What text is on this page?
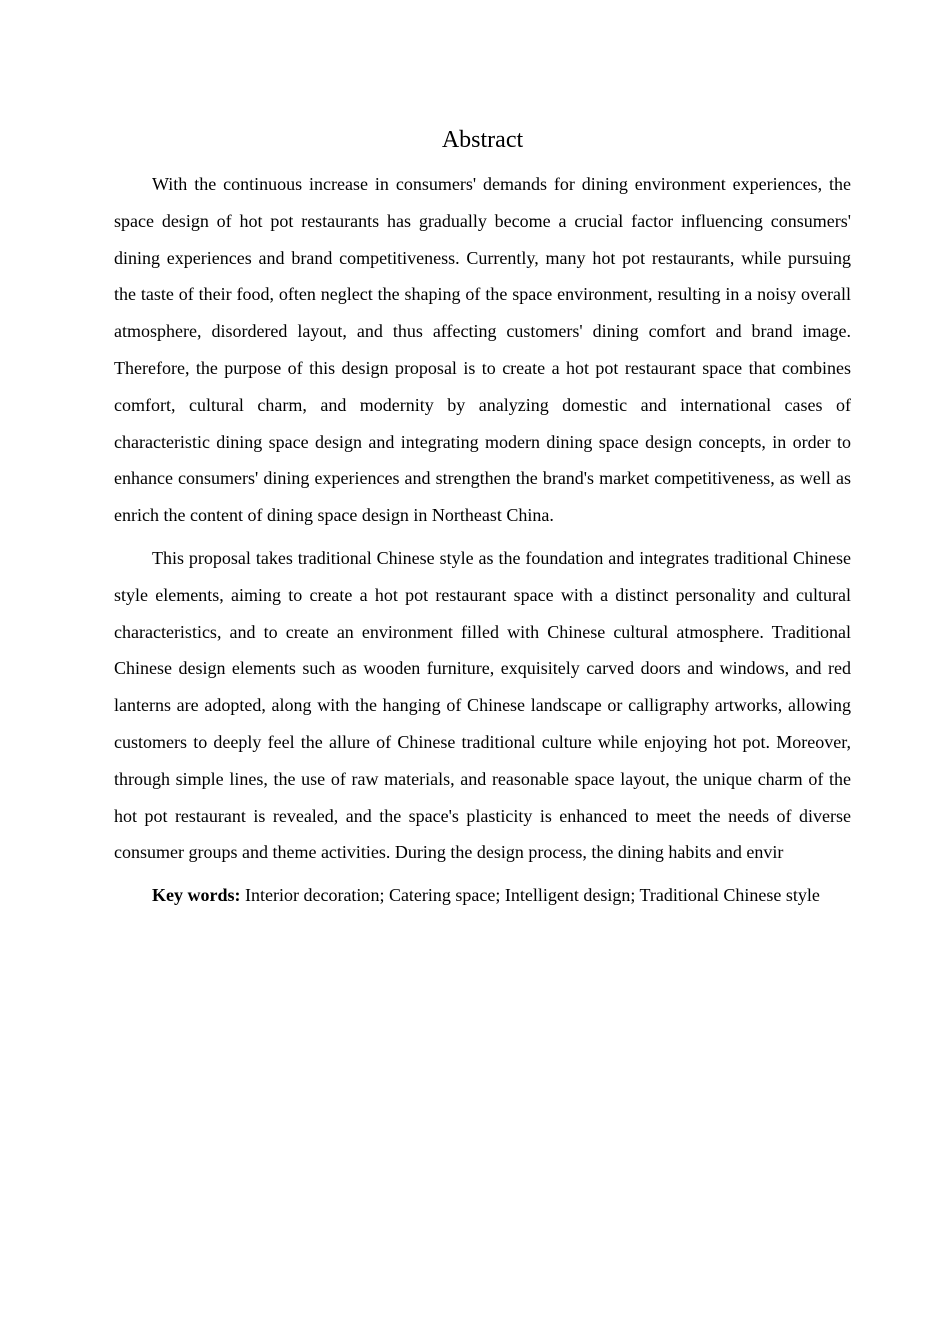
Abstract

With the continuous increase in consumers' demands for dining environment experiences, the space design of hot pot restaurants has gradually become a crucial factor influencing consumers' dining experiences and brand competitiveness. Currently, many hot pot restaurants, while pursuing the taste of their food, often neglect the shaping of the space environment, resulting in a noisy overall atmosphere, disordered layout, and thus affecting customers' dining comfort and brand image. Therefore, the purpose of this design proposal is to create a hot pot restaurant space that combines comfort, cultural charm, and modernity by analyzing domestic and international cases of characteristic dining space design and integrating modern dining space design concepts, in order to enhance consumers' dining experiences and strengthen the brand's market competitiveness, as well as enrich the content of dining space design in Northeast China.

This proposal takes traditional Chinese style as the foundation and integrates traditional Chinese style elements, aiming to create a hot pot restaurant space with a distinct personality and cultural characteristics, and to create an environment filled with Chinese cultural atmosphere. Traditional Chinese design elements such as wooden furniture, exquisitely carved doors and windows, and red lanterns are adopted, along with the hanging of Chinese landscape or calligraphy artworks, allowing customers to deeply feel the allure of Chinese traditional culture while enjoying hot pot. Moreover, through simple lines, the use of raw materials, and reasonable space layout, the unique charm of the hot pot restaurant is revealed, and the space's plasticity is enhanced to meet the needs of diverse consumer groups and theme activities. During the design process, the dining habits and envir

Key words: Interior decoration; Catering space; Intelligent design; Traditional Chinese style
